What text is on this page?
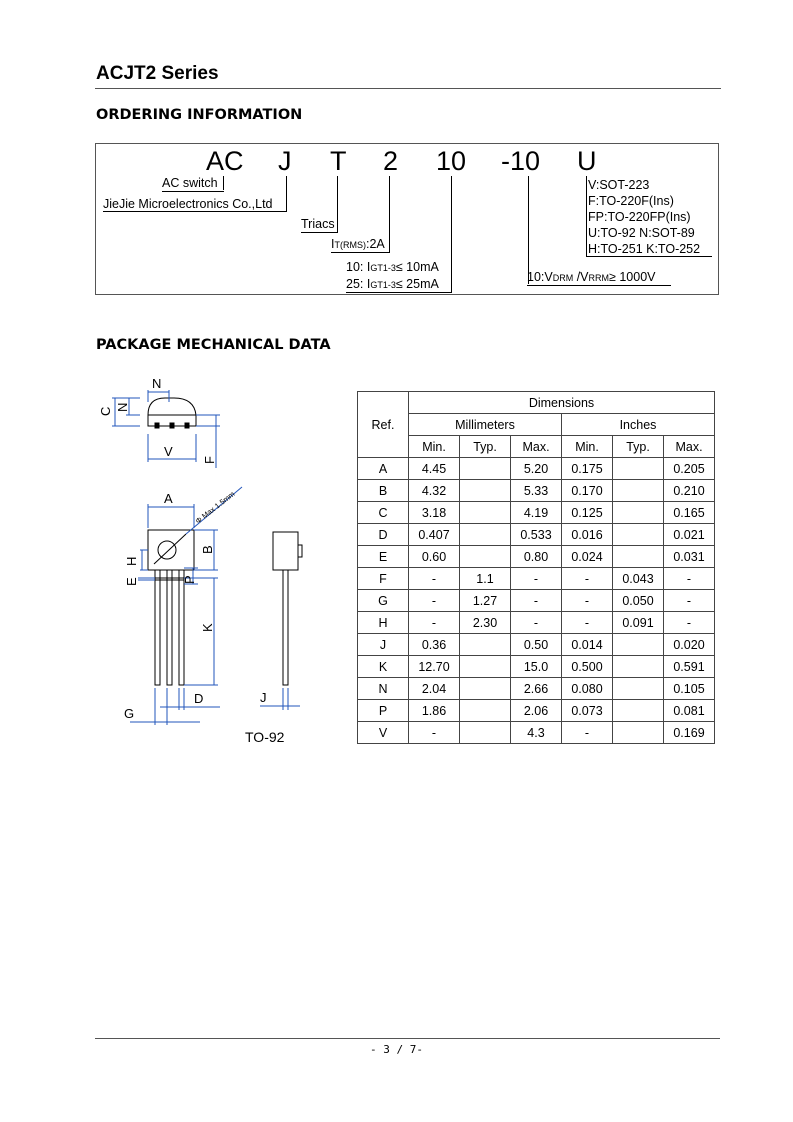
ACJT2 Series
ORDERING INFORMATION
AC J T 2 10 -10 U
AC switch
JieJie Microelectronics Co.,Ltd
Triacs
IT(RMS):2A
10: IGT1-3≤ 10mA
25: IGT1-3≤ 25mA	10:VDRM /VRRM≥ 1000V
V:SOT-223
F:TO-220F(Ins)
FP:TO-220FP(Ins)
U:TO-92 N:SOT-89
H:TO-251 K:TO-252
PACKAGE MECHANICAL DATA
N
C N
V
F
A
B
H
E	P
K
G
D	J
Φ Max 1.5mm
TO-92
Ref.	Dimensions					
	Millimeters			Inches		
	Min.	Typ.	Max.	Min.	Typ.	Max.
A	4.45		5.20	0.175		0.205
B	4.32		5.33	0.170		0.210
C	3.18		4.19	0.125		0.165
D	0.407		0.533	0.016		0.021
E	0.60		0.80	0.024		0.031
F	-	1.1	-	-	0.043	-
G	-	1.27	-	-	0.050	-
H	-	2.30	-	-	0.091	-
J	0.36		0.50	0.014		0.020
K	12.70		15.0	0.500		0.591
N	2.04		2.66	0.080		0.105
P	1.86		2.06	0.073		0.081
V	-		4.3	-		0.169
- 3 / 7-
